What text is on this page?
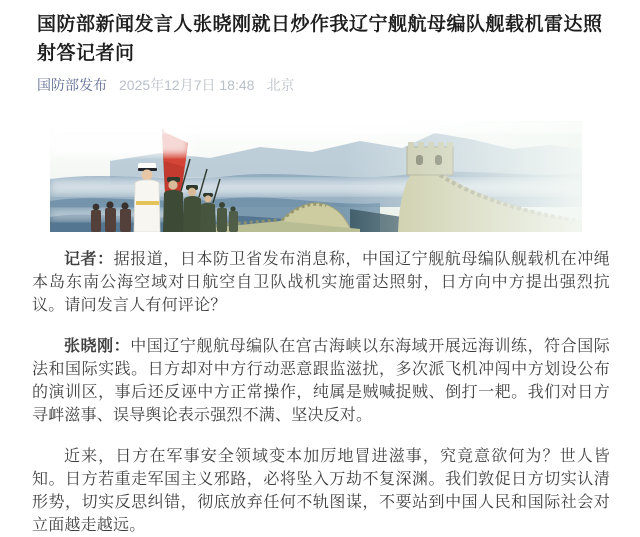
国防部新闻发言人张晓刚就日炒作我辽宁舰航母编队舰载机雷达照射答记者问
国防部发布 2025年12月7日 18:48 北京

记者：据报道，日本防卫省发布消息称，中国辽宁舰航母编队舰载机在冲绳本岛东南公海空域对日航空自卫队战机实施雷达照射，日方向中方提出强烈抗议。请问发言人有何评论？

张晓刚：中国辽宁舰航母编队在宫古海峡以东海域开展远海训练，符合国际法和国际实践。日方却对中方行动恶意跟监滋扰，多次派飞机冲闯中方划设公布的演训区，事后还反诬中方正常操作，纯属是贼喊捉贼、倒打一耙。我们对日方寻衅滋事、误导舆论表示强烈不满、坚决反对。

近来，日方在军事安全领域变本加厉地冒进滋事，究竟意欲何为？世人皆知。日方若重走军国主义邪路，必将坠入万劫不复深渊。我们敦促日方切实认清形势，切实反思纠错，彻底放弃任何不轨图谋，不要站到中国人民和国际社会对立面越走越远。
